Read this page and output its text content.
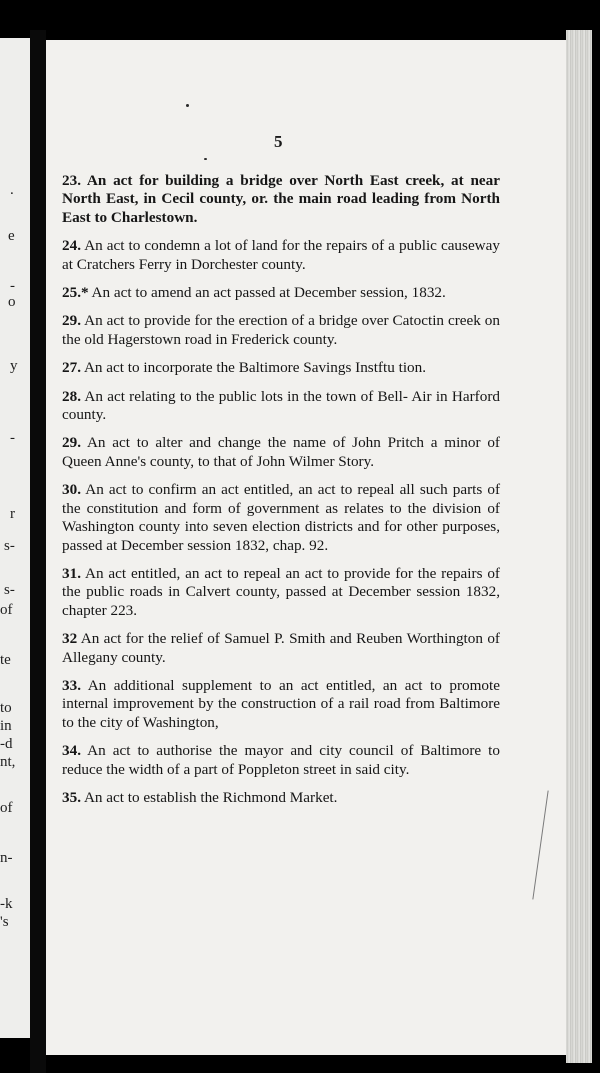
.
e
-
o
y
-
r
s-
s-
of
te
to
in
-d
nt,
of
n-
-k
's
5

23. An act for building a bridge over North East creek, at near North East, in Cecil county, or. the main road leading from North East to Charlestown.

24. An act to condemn a lot of land for the repairs of a public causeway at Cratchers Ferry in Dorchester county.

25.* An act to amend an act passed at December session, 1832.

29. An act to provide for the erection of a bridge over Catoctin creek on the old Hagerstown road in Frederick county.

27. An act to incorporate the Baltimore Savings Instftu tion.

28. An act relating to the public lots in the town of Bell- Air in Harford county.

29. An act to alter and change the name of John Pritch a minor of Queen Anne's county, to that of John Wilmer Story.

30. An act to confirm an act entitled, an act to repeal all such parts of the constitution and form of government as relates to the division of Washington county into seven election districts and for other purposes, passed at December session 1832, chap. 92.

31. An act entitled, an act to repeal an act to provide for the repairs of the public roads in Calvert county, passed at December session 1832, chapter 223.

32 An act for the relief of Samuel P. Smith and Reuben Worthington of Allegany county.

33. An additional supplement to an act entitled, an act to promote internal improvement by the construction of a rail road from Baltimore to the city of Washington,

34. An act to authorise the mayor and city council of Baltimore to reduce the width of a part of Poppleton street in said city.

35. An act to establish the Richmond Market.
